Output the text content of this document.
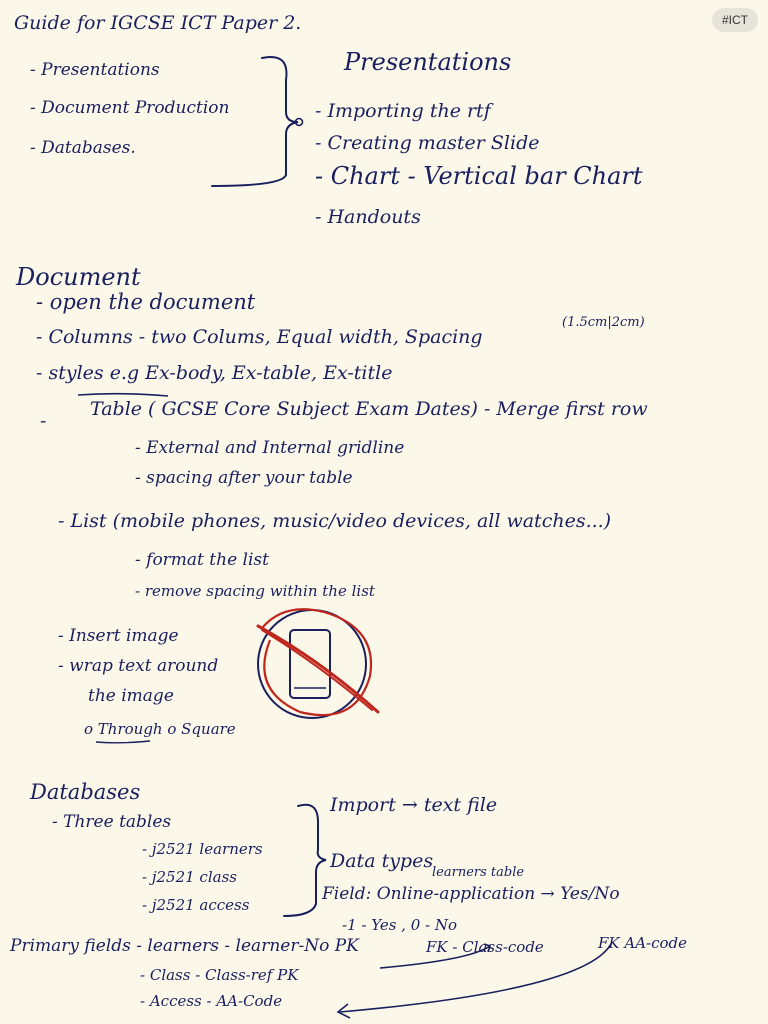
#ICT
Guide for IGCSE ICT Paper 2.
- Presentations
- Document Production
- Databases.
Presentations
- Importing the rtf
- Creating master Slide
- Chart - Vertical bar Chart
- Handouts
Document
- open the document
- Columns - two Colums, Equal width, Spacing
(1.5cm|2cm)
- styles e.g Ex-body, Ex-table, Ex-title
-
Table ( GCSE Core Subject Exam Dates) - Merge first row
- External and Internal gridline
- spacing after your table
- List (mobile phones, music/video devices, all watches...)
- format the list
- remove spacing within the list
- Insert image
- wrap text around
the image
o Through o Square
Databases
- Three tables
- j2521 learners
- j2521 class
- j2521 access
Import → text file
Data types
learners table
Field: Online-application → Yes/No
-1 - Yes , 0 - No
Primary fields - learners - learner-No PK	FK - Class-code	FK AA-code
- Class - Class-ref PK
- Access - AA-Code
